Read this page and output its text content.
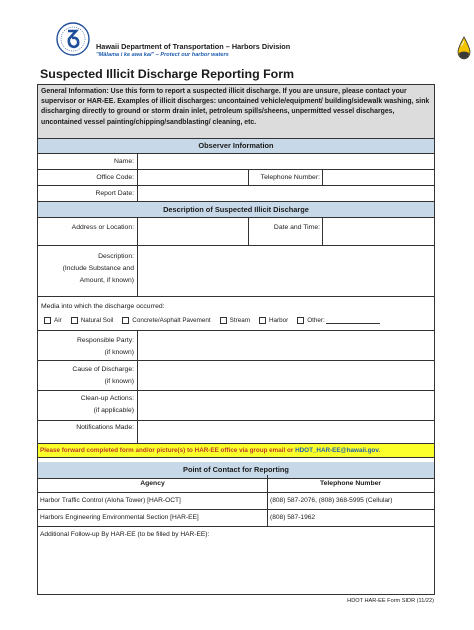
Hawaii Department of Transportation – Harbors Division
"Mālama i ke awa kai" – Protect our harbor waters
Suspected Illicit Discharge Reporting Form
General Information: Use this form to report a suspected illicit discharge. If you are unsure, please contact your supervisor or HAR-EE. Examples of illicit discharges: uncontained vehicle/equipment/ building/sidewalk washing, sink discharging directly to ground or storm drain inlet, petroleum spills/sheens, unpermitted vessel discharges, uncontained vessel painting/chipping/sandblasting/ cleaning, etc.
Observer Information
Name:
Office Code:	Telephone Number:
Report Date:
Description of Suspected Illicit Discharge
Address or Location:	Date and Time:
Description:
(Include Substance and
Amount, if known)
Media into which the discharge occurred:
Air	Natural Soil	Concrete/Asphalt Pavement	Stream	Harbor	Other:
Responsible Party:
(if known)
Cause of Discharge:
(if known)
Clean-up Actions:
(if applicable)
Notifications Made:
Please forward completed form and/or picture(s) to HAR-EE office via group email or HDOT_HAR-EE@hawaii.gov.
Point of Contact for Reporting
Agency	Telephone Number
Harbor Traffic Control (Aloha Tower) [HAR-OCT]	(808) 587-2076, (808) 368-5995 (Cellular)
Harbors Engineering Environmental Section [HAR-EE]	(808) 587-1962
Additional Follow-up By HAR-EE (to be filled by HAR-EE):
HDOT HAR-EE Form SIDR (11/22)
